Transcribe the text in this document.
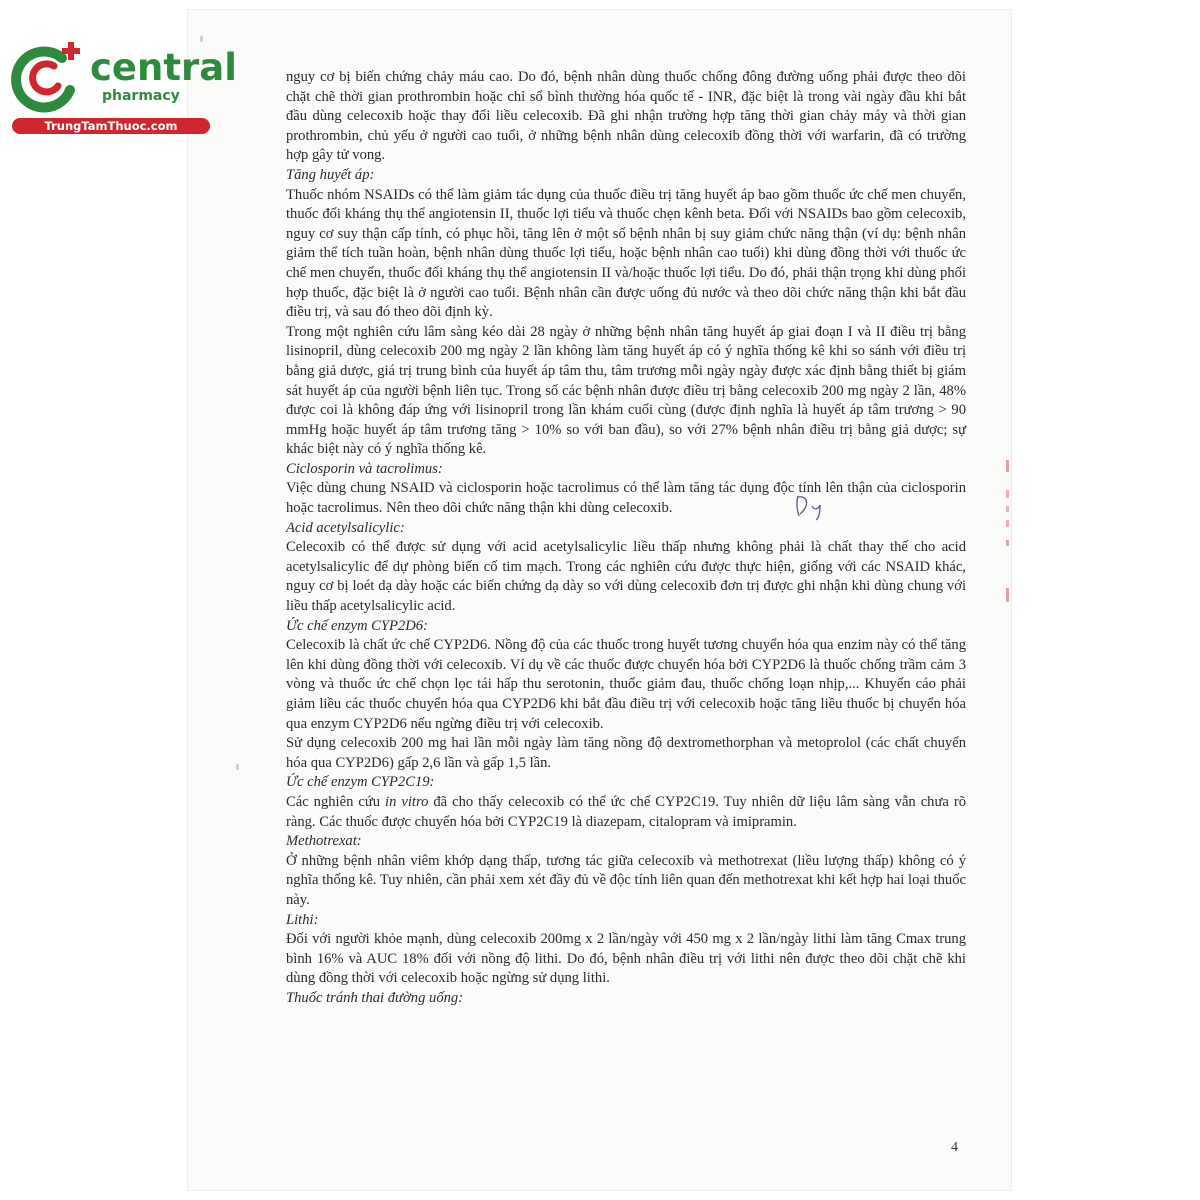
central
pharmacy
TrungTamThuoc.com

nguy cơ bị biến chứng chảy máu cao. Do đó, bệnh nhân dùng thuốc chống đông đường uống phải được theo dõi chặt chẽ thời gian prothrombin hoặc chỉ số bình thường hóa quốc tế - INR, đặc biệt là trong vài ngày đầu khi bắt đầu dùng celecoxib hoặc thay đổi liều celecoxib. Đã ghi nhận trường hợp tăng thời gian chảy máy và thời gian prothrombin, chủ yếu ở người cao tuổi, ở những bệnh nhân dùng celecoxib đồng thời với warfarin, đã có trường hợp gây tử vong.

Tăng huyết áp:

Thuốc nhóm NSAIDs có thể làm giảm tác dụng của thuốc điều trị tăng huyết áp bao gồm thuốc ức chế men chuyển, thuốc đối kháng thụ thể angiotensin II, thuốc lợi tiểu và thuốc chẹn kênh beta. Đối với NSAIDs bao gồm celecoxib, nguy cơ suy thận cấp tính, có phục hồi, tăng lên ở một số bệnh nhân bị suy giảm chức năng thận (ví dụ: bệnh nhân giảm thể tích tuần hoàn, bệnh nhân dùng thuốc lợi tiểu, hoặc bệnh nhân cao tuổi) khi dùng đồng thời với thuốc ức chế men chuyển, thuốc đối kháng thụ thể angiotensin II và/hoặc thuốc lợi tiểu. Do đó, phải thận trọng khi dùng phối hợp thuốc, đặc biệt là ở người cao tuổi. Bệnh nhân cần được uống đủ nước và theo dõi chức năng thận khi bắt đầu điều trị, và sau đó theo dõi định kỳ.

Trong một nghiên cứu lâm sàng kéo dài 28 ngày ở những bệnh nhân tăng huyết áp giai đoạn I và II điều trị bằng lisinopril, dùng celecoxib 200 mg ngày 2 lần không làm tăng huyết áp có ý nghĩa thống kê khi so sánh với điều trị bằng giả dược, giá trị trung bình của huyết áp tâm thu, tâm trương mỗi ngày ngày được xác định bằng thiết bị giám sát huyết áp của người bệnh liên tục. Trong số các bệnh nhân được điều trị bằng celecoxib 200 mg ngày 2 lần, 48% được coi là không đáp ứng với lisinopril trong lần khám cuối cùng (được định nghĩa là huyết áp tâm trương > 90 mmHg hoặc huyết áp tâm trương tăng > 10% so với ban đầu), so với 27% bệnh nhân điều trị bằng giả dược; sự khác biệt này có ý nghĩa thống kê.

Ciclosporin và tacrolimus:

Việc dùng chung NSAID và ciclosporin hoặc tacrolimus có thể làm tăng tác dụng độc tính lên thận của ciclosporin hoặc tacrolimus. Nên theo dõi chức năng thận khi dùng celecoxib.

Acid acetylsalicylic:

Celecoxib có thể được sử dụng với acid acetylsalicylic liều thấp nhưng không phải là chất thay thế cho acid acetylsalicylic để dự phòng biến cố tim mạch. Trong các nghiên cứu được thực hiện, giống với các NSAID khác, nguy cơ bị loét dạ dày hoặc các biến chứng dạ dày so với dùng celecoxib đơn trị được ghi nhận khi dùng chung với liều thấp acetylsalicylic acid.

Ức chế enzym CYP2D6:

Celecoxib là chất ức chế CYP2D6. Nồng độ của các thuốc trong huyết tương chuyển hóa qua enzim này có thể tăng lên khi dùng đồng thời với celecoxib. Ví dụ về các thuốc được chuyển hóa bởi CYP2D6 là thuốc chống trầm cảm 3 vòng và thuốc ức chế chọn lọc tái hấp thu serotonin, thuốc giảm đau, thuốc chống loạn nhịp,... Khuyến cáo phải giảm liều các thuốc chuyển hóa qua CYP2D6 khi bắt đầu điều trị với celecoxib hoặc tăng liều thuốc bị chuyển hóa qua enzym CYP2D6 nếu ngừng điều trị với celecoxib.

Sử dụng celecoxib 200 mg hai lần mỗi ngày làm tăng nồng độ dextromethorphan và metoprolol (các chất chuyển hóa qua CYP2D6) gấp 2,6 lần và gấp 1,5 lần.

Ức chế enzym CYP2C19:

Các nghiên cứu in vitro đã cho thấy celecoxib có thể ức chế CYP2C19. Tuy nhiên dữ liệu lâm sàng vẫn chưa rõ ràng. Các thuốc được chuyển hóa bởi CYP2C19 là diazepam, citalopram và imipramin.

Methotrexat:

Ở những bệnh nhân viêm khớp dạng thấp, tương tác giữa celecoxib và methotrexat (liều lượng thấp) không có ý nghĩa thống kê. Tuy nhiên, cần phải xem xét đầy đủ về độc tính liên quan đến methotrexat khi kết hợp hai loại thuốc này.

Lithi:

Đối với người khỏe mạnh, dùng celecoxib 200mg x 2 lần/ngày với 450 mg x 2 lần/ngày lithi làm tăng Cmax trung bình 16% và AUC 18% đối với nồng độ lithi. Do đó, bệnh nhân điều trị với lithi nên được theo dõi chặt chẽ khi dùng đồng thời với celecoxib hoặc ngừng sử dụng lithi.

Thuốc tránh thai đường uống:

4
